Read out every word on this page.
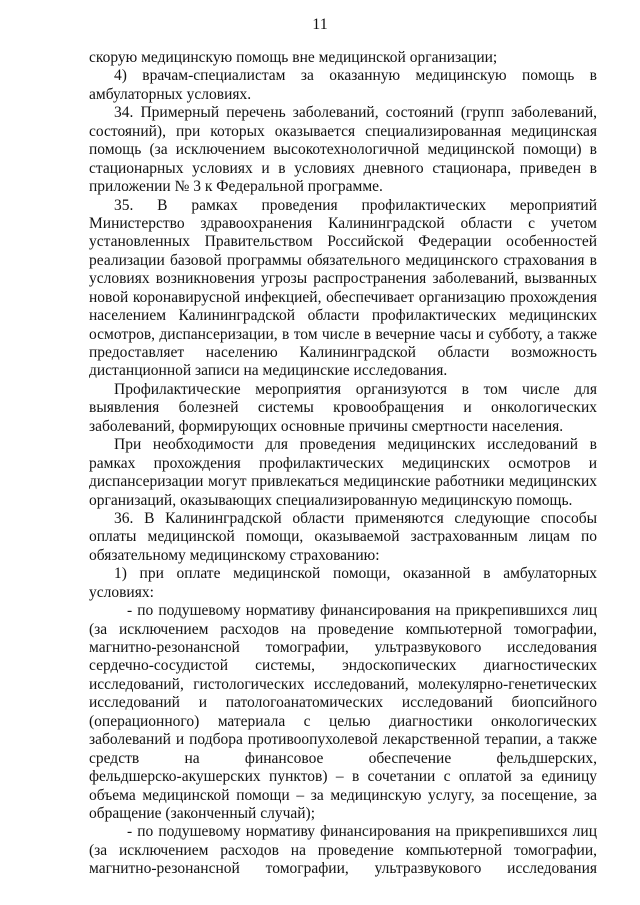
11
скорую медицинскую помощь вне медицинской организации;
4) врачам-специалистам за оказанную медицинскую помощь в
амбулаторных условиях.
34. Примерный перечень заболеваний, состояний (групп заболеваний,
состояний), при которых оказывается специализированная медицинская
помощь (за исключением высокотехнологичной медицинской помощи) в
стационарных условиях и в условиях дневного стационара, приведен в
приложении № 3 к Федеральной программе.
35. В рамках проведения профилактических мероприятий
Министерство здравоохранения Калининградской области с учетом
установленных Правительством Российской Федерации особенностей
реализации базовой программы обязательного медицинского страхования в
условиях возникновения угрозы распространения заболеваний, вызванных
новой коронавирусной инфекцией, обеспечивает организацию прохождения
населением Калининградской области профилактических медицинских
осмотров, диспансеризации, в том числе в вечерние часы и субботу, а также
предоставляет населению Калининградской области возможность
дистанционной записи на медицинские исследования.
Профилактические мероприятия организуются в том числе для
выявления болезней системы кровообращения и онкологических
заболеваний, формирующих основные причины смертности населения.
При необходимости для проведения медицинских исследований в
рамках прохождения профилактических медицинских осмотров и
диспансеризации могут привлекаться медицинские работники медицинских
организаций, оказывающих специализированную медицинскую помощь.
36. В Калининградской области применяются следующие способы
оплаты медицинской помощи, оказываемой застрахованным лицам по
обязательному медицинскому страхованию:
1) при оплате медицинской помощи, оказанной в амбулаторных
условиях:
- по подушевому нормативу финансирования на прикрепившихся лиц
(за исключением расходов на проведение компьютерной томографии,
магнитно-резонансной томографии, ультразвукового исследования
сердечно-сосудистой системы, эндоскопических диагностических
исследований, гистологических исследований, молекулярно-генетических
исследований и патологоанатомических исследований биопсийного
(операционного) материала с целью диагностики онкологических
заболеваний и подбора противоопухолевой лекарственной терапии, а также
средств на финансовое обеспечение фельдшерских,
фельдшерско-акушерских пунктов) – в сочетании с оплатой за единицу
объема медицинской помощи – за медицинскую услугу, за посещение, за
обращение (законченный случай);
- по подушевому нормативу финансирования на прикрепившихся лиц
(за исключением расходов на проведение компьютерной томографии,
магнитно-резонансной томографии, ультразвукового исследования
